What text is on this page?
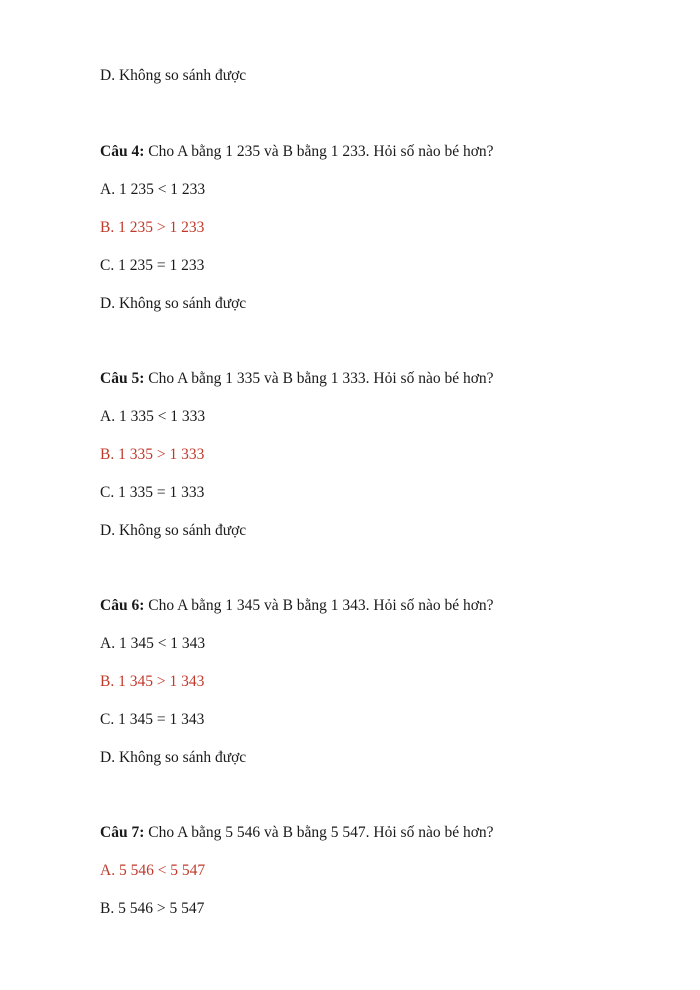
D. Không so sánh được
Câu 4: Cho A bằng 1 235 và B bằng 1 233. Hỏi số nào bé hơn?
A. 1 235 < 1 233
B. 1 235 > 1 233
C. 1 235 = 1 233
D. Không so sánh được
Câu 5: Cho A bằng 1 335 và B bằng 1 333. Hỏi số nào bé hơn?
A. 1 335 < 1 333
B. 1 335 > 1 333
C. 1 335 = 1 333
D. Không so sánh được
Câu 6: Cho A bằng 1 345 và B bằng 1 343. Hỏi số nào bé hơn?
A. 1 345 < 1 343
B. 1 345 > 1 343
C. 1 345 = 1 343
D. Không so sánh được
Câu 7: Cho A bằng 5 546 và B bằng 5 547. Hỏi số nào bé hơn?
A. 5 546 < 5 547
B. 5 546 > 5 547
